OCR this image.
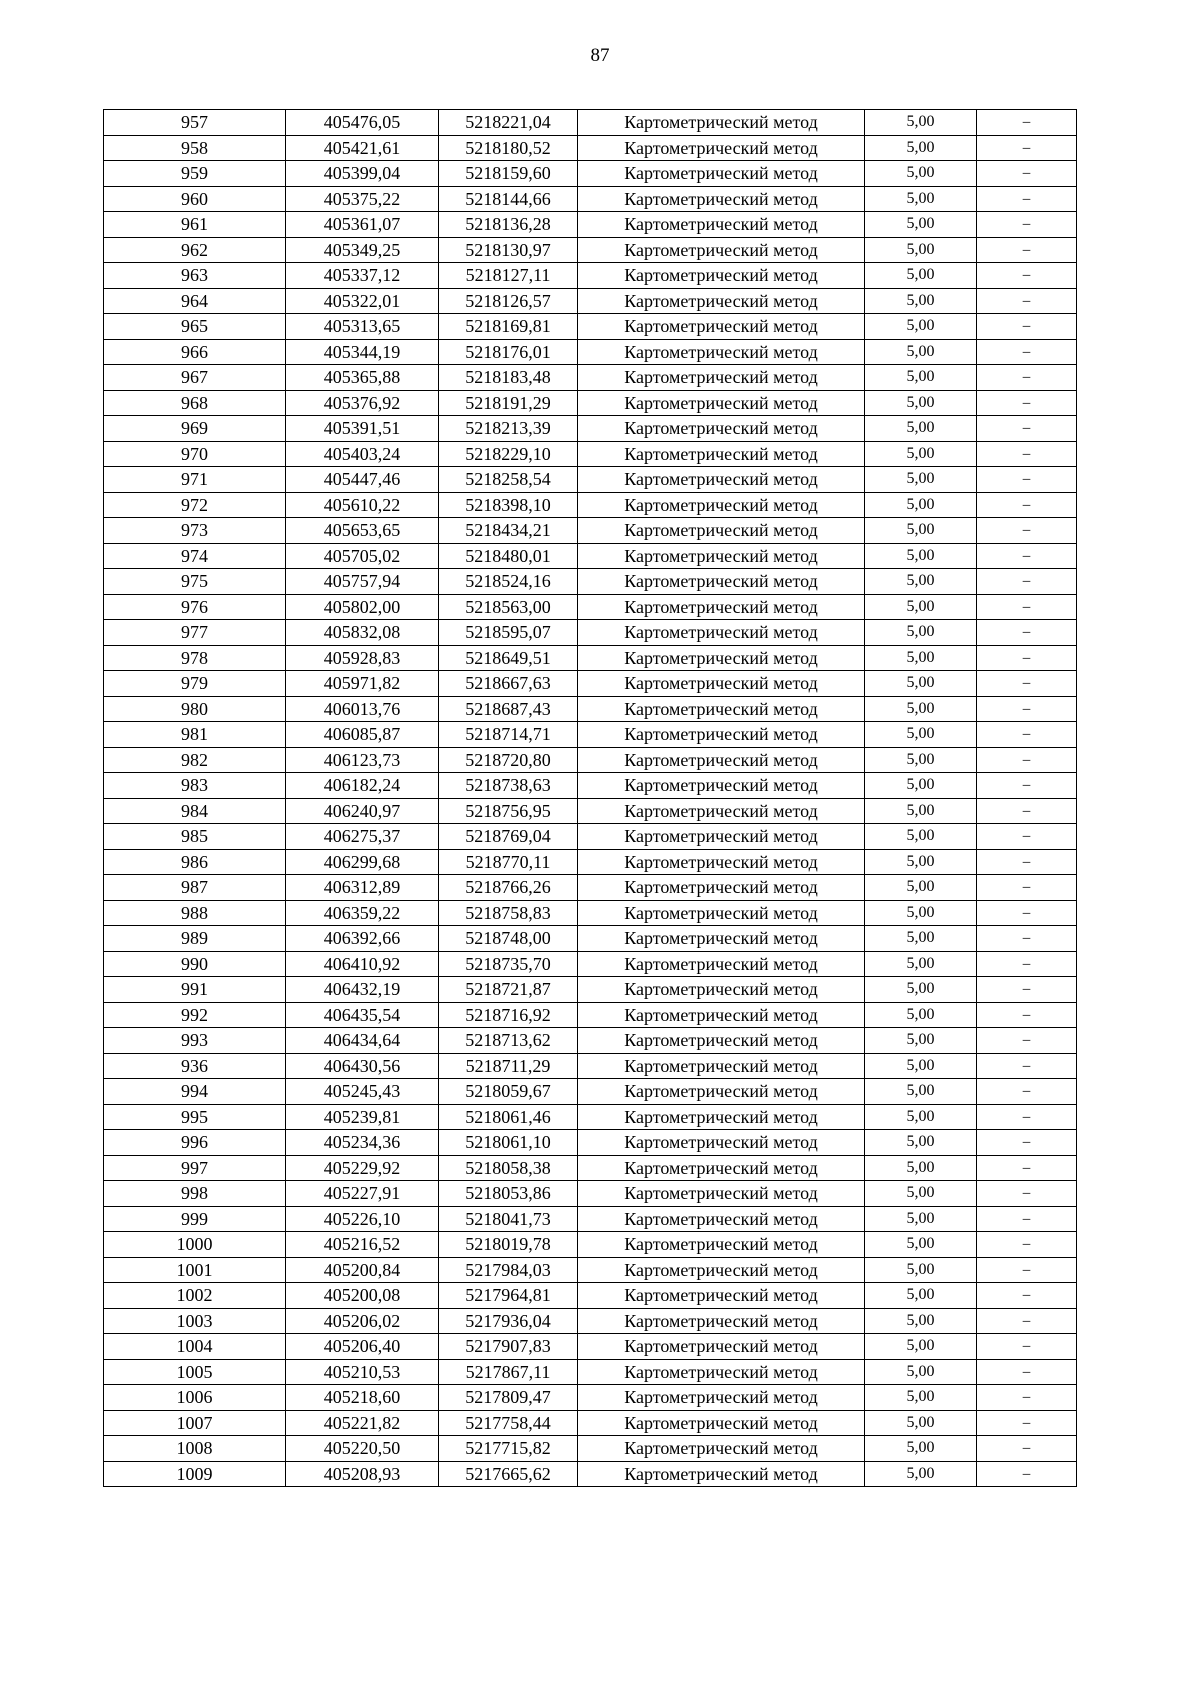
87
957	405476,05	5218221,04	Картометрический метод	5,00	–
958	405421,61	5218180,52	Картометрический метод	5,00	–
959	405399,04	5218159,60	Картометрический метод	5,00	–
960	405375,22	5218144,66	Картометрический метод	5,00	–
961	405361,07	5218136,28	Картометрический метод	5,00	–
962	405349,25	5218130,97	Картометрический метод	5,00	–
963	405337,12	5218127,11	Картометрический метод	5,00	–
964	405322,01	5218126,57	Картометрический метод	5,00	–
965	405313,65	5218169,81	Картометрический метод	5,00	–
966	405344,19	5218176,01	Картометрический метод	5,00	–
967	405365,88	5218183,48	Картометрический метод	5,00	–
968	405376,92	5218191,29	Картометрический метод	5,00	–
969	405391,51	5218213,39	Картометрический метод	5,00	–
970	405403,24	5218229,10	Картометрический метод	5,00	–
971	405447,46	5218258,54	Картометрический метод	5,00	–
972	405610,22	5218398,10	Картометрический метод	5,00	–
973	405653,65	5218434,21	Картометрический метод	5,00	–
974	405705,02	5218480,01	Картометрический метод	5,00	–
975	405757,94	5218524,16	Картометрический метод	5,00	–
976	405802,00	5218563,00	Картометрический метод	5,00	–
977	405832,08	5218595,07	Картометрический метод	5,00	–
978	405928,83	5218649,51	Картометрический метод	5,00	–
979	405971,82	5218667,63	Картометрический метод	5,00	–
980	406013,76	5218687,43	Картометрический метод	5,00	–
981	406085,87	5218714,71	Картометрический метод	5,00	–
982	406123,73	5218720,80	Картометрический метод	5,00	–
983	406182,24	5218738,63	Картометрический метод	5,00	–
984	406240,97	5218756,95	Картометрический метод	5,00	–
985	406275,37	5218769,04	Картометрический метод	5,00	–
986	406299,68	5218770,11	Картометрический метод	5,00	–
987	406312,89	5218766,26	Картометрический метод	5,00	–
988	406359,22	5218758,83	Картометрический метод	5,00	–
989	406392,66	5218748,00	Картометрический метод	5,00	–
990	406410,92	5218735,70	Картометрический метод	5,00	–
991	406432,19	5218721,87	Картометрический метод	5,00	–
992	406435,54	5218716,92	Картометрический метод	5,00	–
993	406434,64	5218713,62	Картометрический метод	5,00	–
936	406430,56	5218711,29	Картометрический метод	5,00	–
994	405245,43	5218059,67	Картометрический метод	5,00	–
995	405239,81	5218061,46	Картометрический метод	5,00	–
996	405234,36	5218061,10	Картометрический метод	5,00	–
997	405229,92	5218058,38	Картометрический метод	5,00	–
998	405227,91	5218053,86	Картометрический метод	5,00	–
999	405226,10	5218041,73	Картометрический метод	5,00	–
1000	405216,52	5218019,78	Картометрический метод	5,00	–
1001	405200,84	5217984,03	Картометрический метод	5,00	–
1002	405200,08	5217964,81	Картометрический метод	5,00	–
1003	405206,02	5217936,04	Картометрический метод	5,00	–
1004	405206,40	5217907,83	Картометрический метод	5,00	–
1005	405210,53	5217867,11	Картометрический метод	5,00	–
1006	405218,60	5217809,47	Картометрический метод	5,00	–
1007	405221,82	5217758,44	Картометрический метод	5,00	–
1008	405220,50	5217715,82	Картометрический метод	5,00	–
1009	405208,93	5217665,62	Картометрический метод	5,00	–
